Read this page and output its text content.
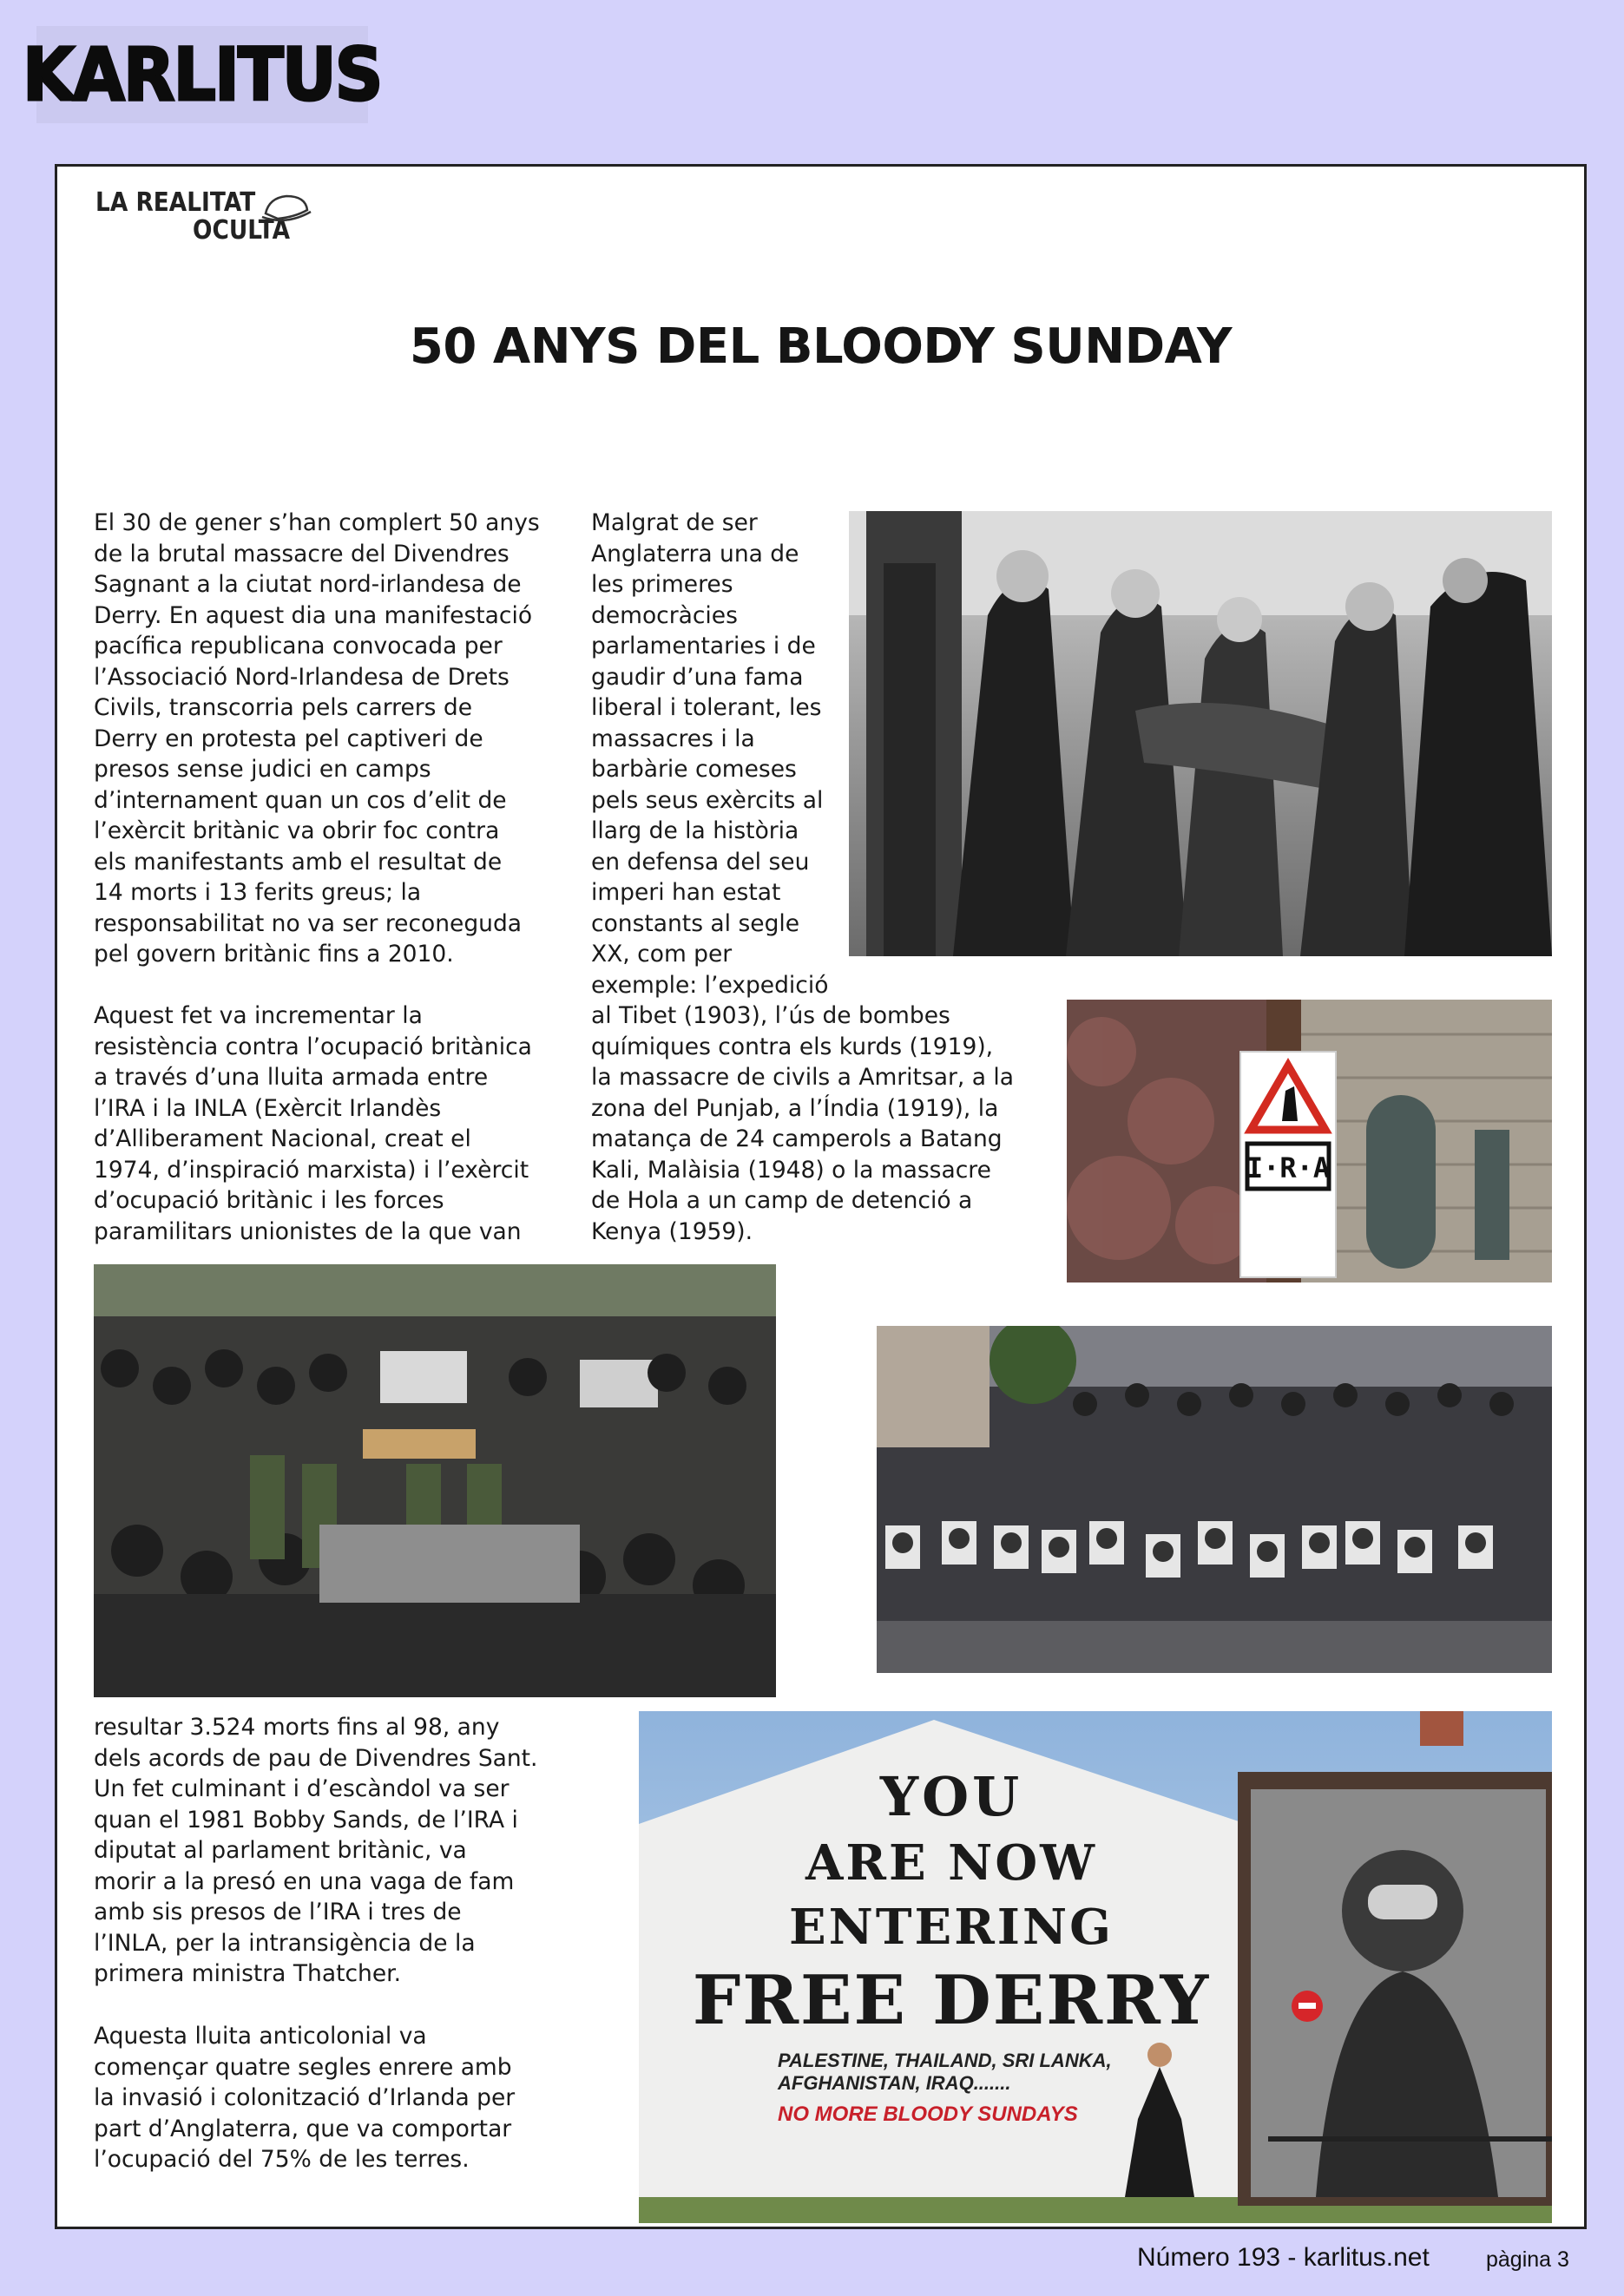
KARLITUS
LA REALITAT
OCULTA
50 ANYS DEL BLOODY SUNDAY
El 30 de gener s’han complert 50 anys
de la brutal massacre del Divendres
Sagnant a la ciutat nord-irlandesa de
Derry. En aquest dia una manifestació
pacífica republicana convocada per
l’Associació Nord-Irlandesa de Drets
Civils, transcorria pels carrers de
Derry en protesta pel captiveri de
presos sense judici en camps
d’internament quan un cos d’elit de
l’exèrcit britànic va obrir foc contra
els manifestants amb el resultat de
14 morts i 13 ferits greus; la
responsabilitat no va ser reconeguda
pel govern britànic fins a 2010.
Aquest fet va incrementar la
resistència contra l’ocupació britànica
a través d’una lluita armada entre
l’IRA i la INLA (Exèrcit Irlandès
d’Alliberament Nacional, creat el
1974, d’inspiració marxista) i l’exèrcit
d’ocupació britànic i les forces
paramilitars unionistes de la que van
Malgrat de ser
Anglaterra una de
les primeres
democràcies
parlamentaries i de
gaudir d’una fama
liberal i tolerant, les
massacres i la
barbàrie comeses
pels seus exèrcits al
llarg de la història
en defensa del seu
imperi han estat
constants al segle
XX, com per
exemple: l’expedició
al Tibet (1903), l’ús de bombes
químiques contra els kurds (1919),
la massacre de civils a Amritsar, a la
zona del Punjab, a l’Índia (1919), la
matança de 24 camperols a Batang
Kali, Malàisia (1948) o la massacre
de Hola a un camp de detenció a
Kenya (1959).
resultar 3.524 morts fins al 98, any
dels acords de pau de Divendres Sant.
Un fet culminant i d’escàndol va ser
quan el 1981 Bobby Sands, de l’IRA i
diputat al parlament britànic, va
morir a la presó en una vaga de fam
amb sis presos de l’IRA i tres de
l’INLA, per la intransigència de la
primera ministra Thatcher.
Aquesta lluita anticolonial va
començar quatre segles enrere amb
la invasió i colonització d’Irlanda per
part d’Anglaterra, que va comportar
l’ocupació del 75% de les terres.
I·R·A
YOU
ARE NOW
ENTERING
FREE DERRY
PALESTINE, THAILAND, SRI LANKA,
AFGHANISTAN, IRAQ.......
NO MORE BLOODY SUNDAYS
Número 193 - karlitus.net	pàgina 3
